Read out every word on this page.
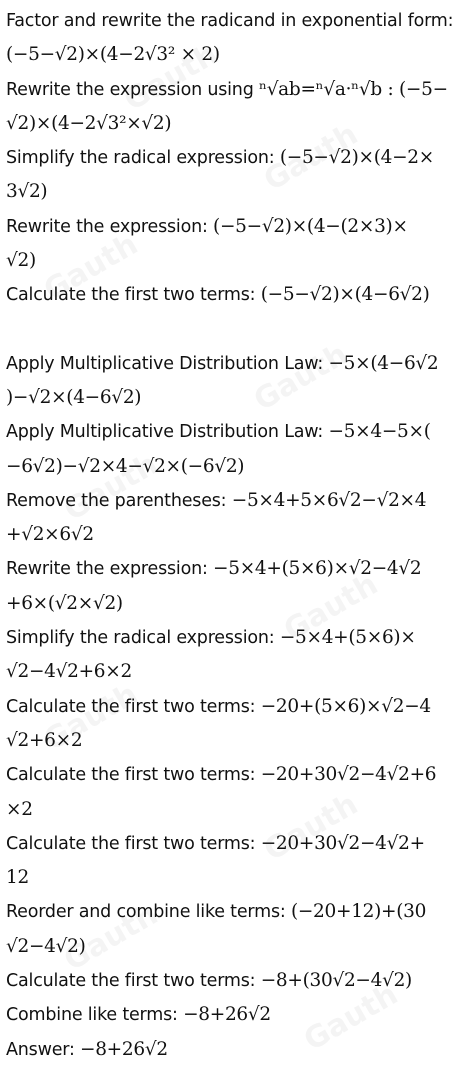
Factor and rewrite the radicand in exponential form:
(−5−√2)×(4−2√3² × 2)
Rewrite the expression using ⁿ√ab=ⁿ√a·ⁿ√b : (−5−
√2)×(4−2√3²×√2)
Simplify the radical expression: (−5−√2)×(4−2×
3√2)
Rewrite the expression: (−5−√2)×(4−(2×3)×
√2)
Calculate the first two terms: (−5−√2)×(4−6√2)
Apply Multiplicative Distribution Law: −5×(4−6√2
)−√2×(4−6√2)
Apply Multiplicative Distribution Law: −5×4−5×(
−6√2)−√2×4−√2×(−6√2)
Remove the parentheses: −5×4+5×6√2−√2×4
+√2×6√2
Rewrite the expression: −5×4+(5×6)×√2−4√2
+6×(√2×√2)
Simplify the radical expression: −5×4+(5×6)×
√2−4√2+6×2
Calculate the first two terms: −20+(5×6)×√2−4
√2+6×2
Calculate the first two terms: −20+30√2−4√2+6
×2
Calculate the first two terms: −20+30√2−4√2+
12
Reorder and combine like terms: (−20+12)+(30
√2−4√2)
Calculate the first two terms: −8+(30√2−4√2)
Combine like terms: −8+26√2
Answer: −8+26√2
